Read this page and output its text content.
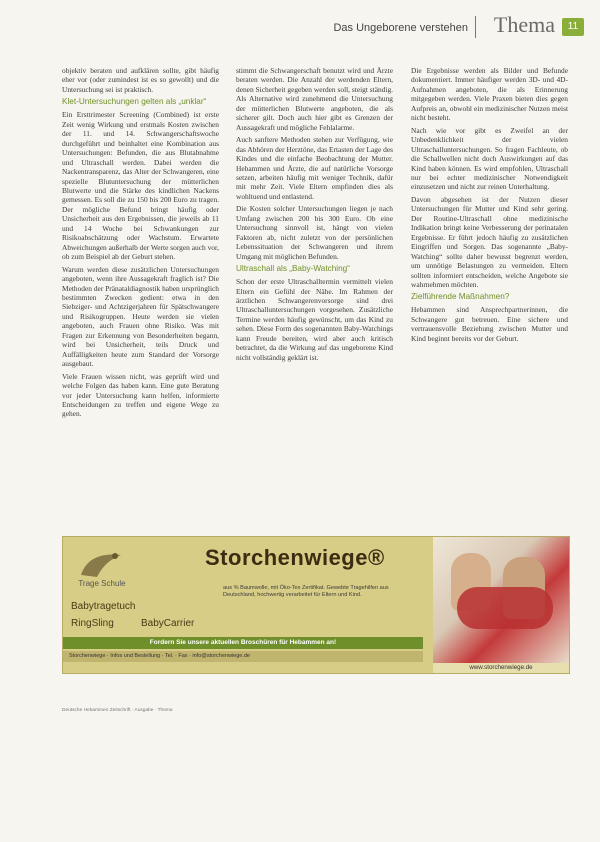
Das Ungeborene verstehen Thema	11

objektiv beraten und aufklären sollte, gibt häufig eher vor (oder zumindest ist es so gewollt) und die Untersuchung sei ist praktisch.

Klet-Untersuchungen gelten als „unklar“

Ein Ersttrimester Screening (Combined) ist erste Zeit wenig Wirkung und erstmals Kosten zwischen der 11. und 14. Schwangerschaftswoche durchgeführt und beinhaltet eine Kombination aus Untersuchungen: Befunden, die aus Blutabnahme und Ultraschall werden. Dabei werden die Nackentransparenz, das Alter der Schwangeren, eine spezielle Blutuntersuchung der mütterlichen Blutwerte und die Stärke des kindlichen Nackens gemessen. Es soll die zu 150 bis 200 Euro zu tragen. Der mögliche Befund bringt häufig oder Unsicherheit aus den Ergebnissen, die jeweils ab 11 und 14 Woche bei Schwankungen zur Risikoabschätzung oder Wachstum. Erwartete Abweichungen außerhalb der Werte sorgen auch vor, ob zum Beispiel ab der Geburt stehen.

Warum werden diese zusätzlichen Untersuchungen angeboten, wenn ihre Aussagekraft fraglich ist? Die Methoden der Pränataldiagnostik haben ursprünglich bestimmten Zwecken gedient: etwa in den Siebziger- und Achtzigerjahren für Spätschwangere und Risikogruppen. Heute werden sie vielen angeboten, auch Frauen ohne Risiko. Was mit Fragen zur Erkennung von Besonderheiten begann, wird bei Unsicherheit, teils Druck und Auffälligkeiten heute zum Standard der Vorsorge ausgebaut.

Viele Frauen wissen nicht, was geprüft wird und welche Folgen das haben kann. Eine gute Beratung vor jeder Untersuchung kann helfen, informierte Entscheidungen zu treffen und eigene Wege zu gehen.

stimmt die Schwangerschaft benutzt wird und Ärzte beraten werden. Die Anzahl der werdenden Eltern, denen Sicherheit gegeben werden soll, steigt ständig. Als Alternative wird zunehmend die Untersuchung der mütterlichen Blutwerte angeboten, die als sicherer gilt. Doch auch hier gibt es Grenzen der Aussagekraft und mögliche Fehlalarme.

Auch sanftere Methoden stehen zur Verfügung, wie das Abhören der Herztöne, das Ertasten der Lage des Kindes und die einfache Beobachtung der Mutter. Hebammen und Ärzte, die auf natürliche Vorsorge setzen, arbeiten häufig mit weniger Technik, dafür mit mehr Zeit. Viele Eltern empfinden dies als wohltuend und entlastend.

Die Kosten solcher Untersuchungen liegen je nach Umfang zwischen 200 bis 300 Euro. Ob eine Untersuchung sinnvoll ist, hängt von vielen Faktoren ab, nicht zuletzt von der persönlichen Lebenssituation der Schwangeren und ihrem Umgang mit möglichen Befunden.

Ultraschall als „Baby-Watching“

Schon der erste Ultraschalltermin vermittelt vielen Eltern ein Gefühl der Nähe. Im Rahmen der ärztlichen Schwangerenvorsorge sind drei Ultraschalluntersuchungen vorgesehen. Zusätzliche Termine werden häufig gewünscht, um das Kind zu sehen. Diese Form des sogenannten Baby-Watchings kann Freude bereiten, wird aber auch kritisch betrachtet, da die Wirkung auf das ungeborene Kind nicht vollständig geklärt ist.

Die Ergebnisse werden als Bilder und Befunde dokumentiert. Immer häufiger werden 3D- und 4D-Aufnahmen angeboten, die als Erinnerung mitgegeben werden. Viele Praxen bieten dies gegen Aufpreis an, obwohl ein medizinischer Nutzen meist nicht besteht.

Nach wie vor gibt es Zweifel an der Unbedenklichkeit der vielen Ultraschalluntersuchungen. So fragen Fachleute, ob die Schallwellen nicht doch Auswirkungen auf das Kind haben können. Es wird empfohlen, Ultraschall nur bei echter medizinischer Notwendigkeit einzusetzen und nicht zur reinen Unterhaltung.

Davon abgesehen ist der Nutzen dieser Untersuchungen für Mutter und Kind sehr gering. Der Routine-Ultraschall ohne medizinische Indikation bringt keine Verbesserung der perinatalen Ergebnisse. Er führt jedoch häufig zu zusätzlichen Eingriffen und Sorgen. Das sogenannte „Baby-Watching“ sollte daher bewusst begrenzt werden, um unnötige Belastungen zu vermeiden. Eltern sollten informiert entscheiden, welche Angebote sie wahrnehmen möchten.

Zielführende Maßnahmen?

Hebammen sind Ansprechpartnerinnen, die Schwangere gut betreuen. Eine sichere und vertrauensvolle Beziehung zwischen Mutter und Kind beginnt bereits vor der Geburt.

Trage Schule
Storchenwiege®
Babytragetuch
RingSling	BabyCarrier
aus % Baumwolle, mit Öko-Tex Zertifikat. Gewebte Tragehilfen aus Deutschland, hochwertig verarbeitet für Eltern und Kind.
Fordern Sie unsere aktuellen Broschüren für Hebammen an!
Storchenwiege · Infos und Bestellung · Tel. · Fax · info@storchenwiege.de
www.storchenwiege.de
Deutsche Hebammen Zeitschrift · Ausgabe · Thema
